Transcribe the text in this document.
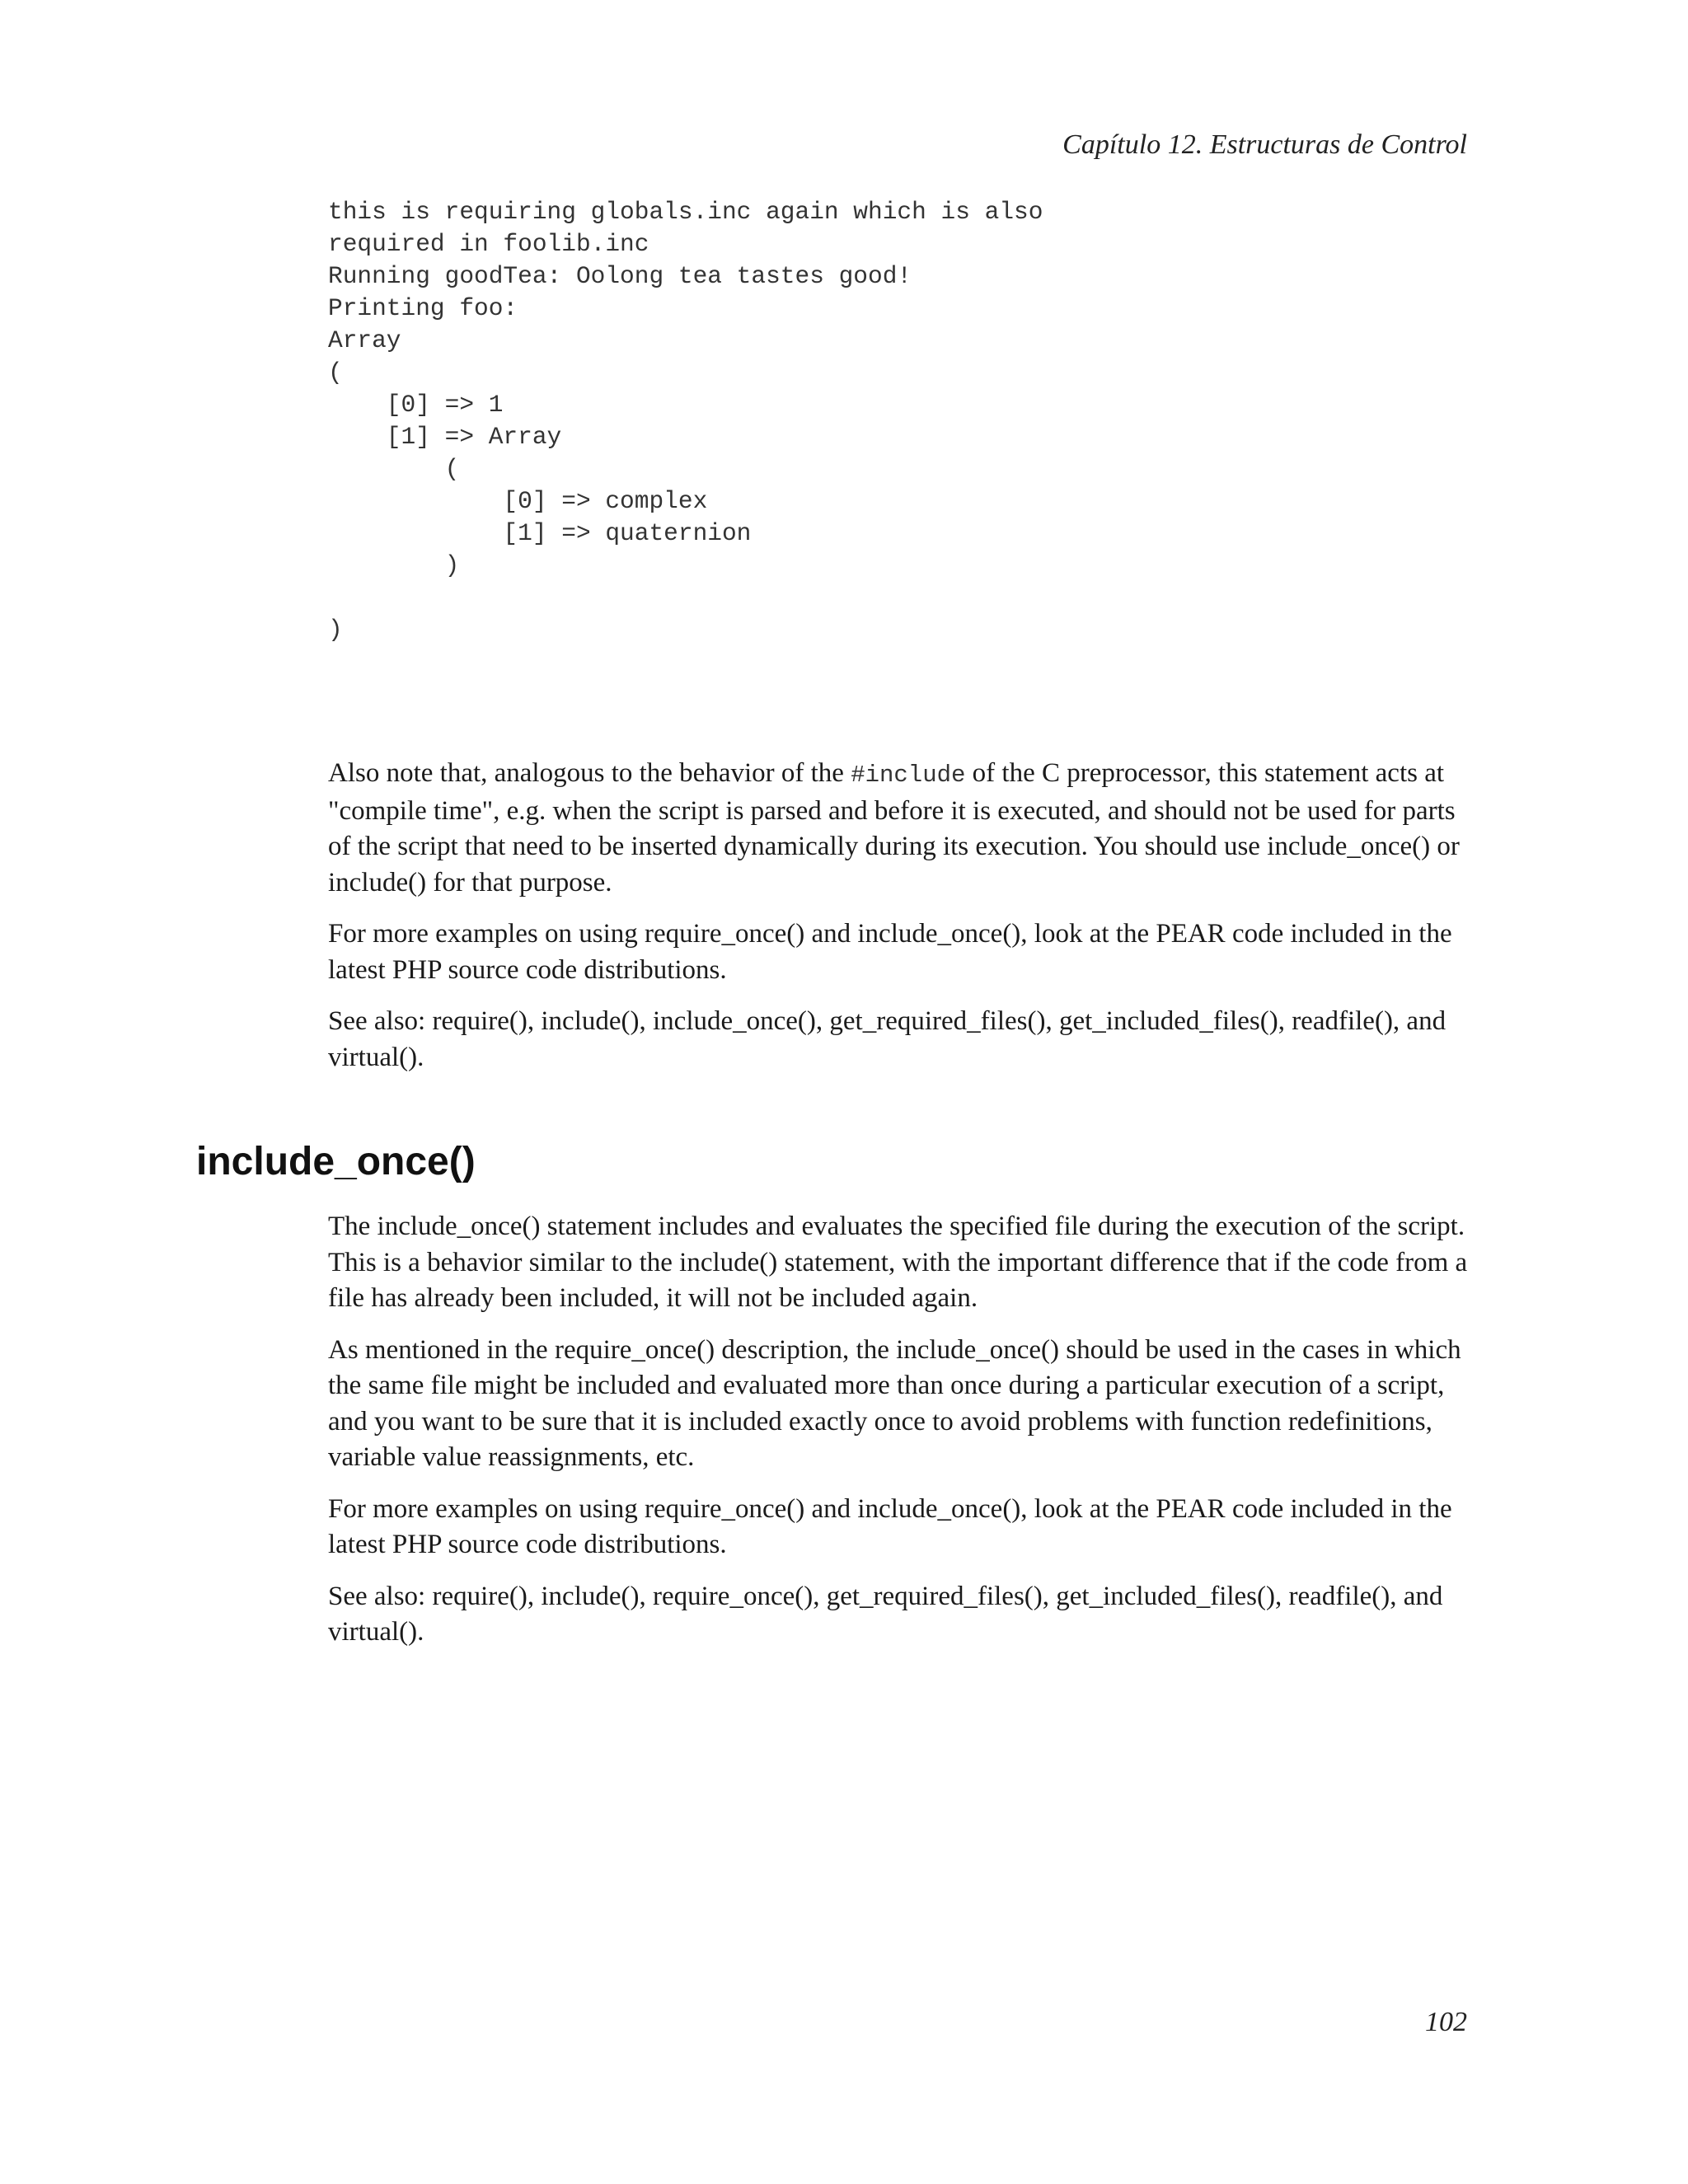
Capítulo 12. Estructuras de Control
this is requiring globals.inc again which is also
required in foolib.inc
Running goodTea: Oolong tea tastes good!
Printing foo:
Array
(
[0] => 1
[1] => Array
(
[0] => complex
[1] => quaternion
)

)

Also note that, analogous to the behavior of the #include of the C preprocessor, this statement acts at "compile time", e.g. when the script is parsed and before it is executed, and should not be used for parts of the script that need to be inserted dynamically during its execution. You should use include_once() or include() for that purpose.

For more examples on using require_once() and include_once(), look at the PEAR code included in the latest PHP source code distributions.

See also: require(), include(), include_once(), get_required_files(), get_included_files(), readfile(), and virtual().

include_once()

The include_once() statement includes and evaluates the specified file during the execution of the script. This is a behavior similar to the include() statement, with the important difference that if the code from a file has already been included, it will not be included again.

As mentioned in the require_once() description, the include_once() should be used in the cases in which the same file might be included and evaluated more than once during a particular execution of a script, and you want to be sure that it is included exactly once to avoid problems with function redefinitions, variable value reassignments, etc.

For more examples on using require_once() and include_once(), look at the PEAR code included in the latest PHP source code distributions.

See also: require(), include(), require_once(), get_required_files(), get_included_files(), readfile(), and virtual().

102
